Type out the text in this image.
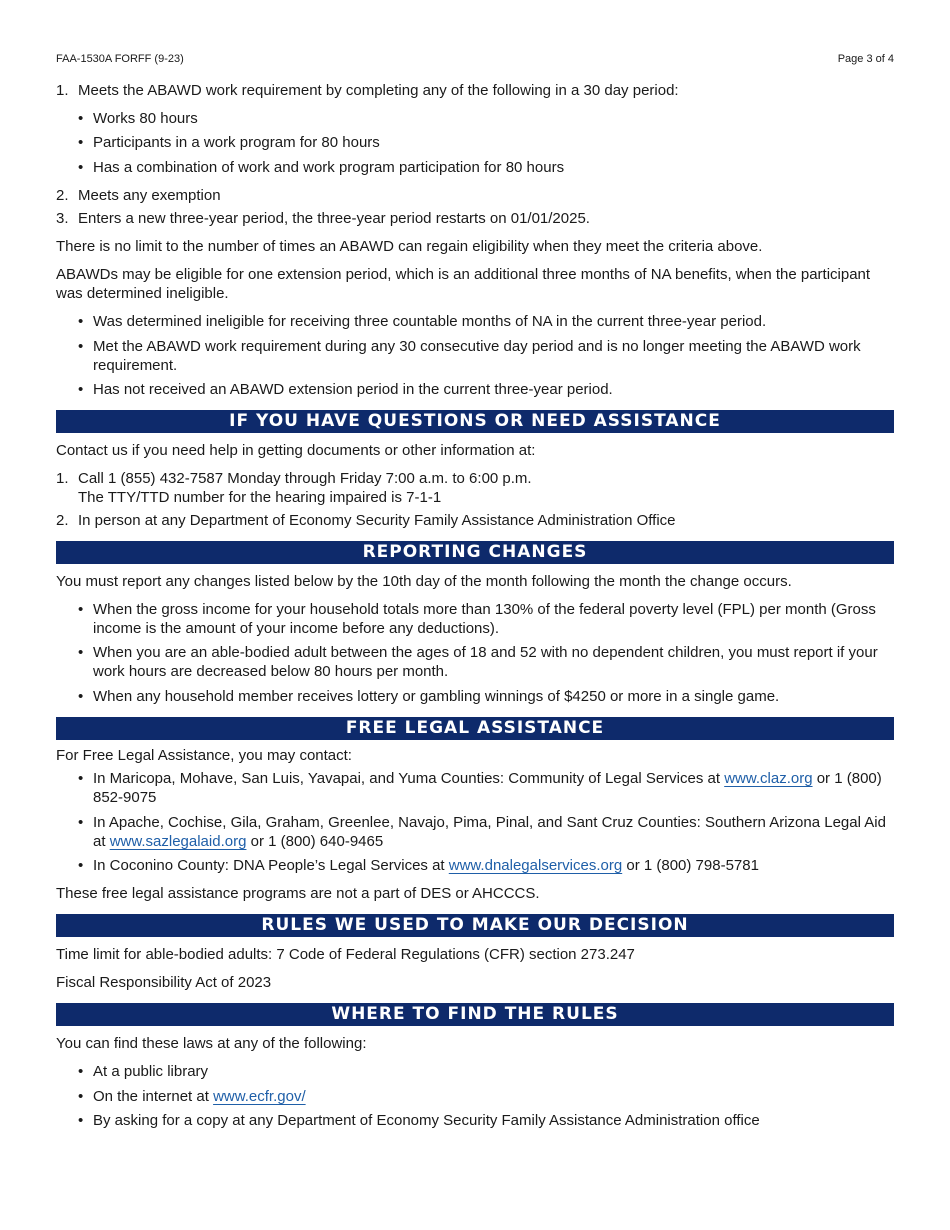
FAA-1530A FORFF (9-23)	Page 3 of 4
1. Meets the ABAWD work requirement by completing any of the following in a 30 day period:
• Works 80 hours
• Participants in a work program for 80 hours
• Has a combination of work and work program participation for 80 hours
2. Meets any exemption
3. Enters a new three-year period, the three-year period restarts on 01/01/2025.

There is no limit to the number of times an ABAWD can regain eligibility when they meet the criteria above.

ABAWDs may be eligible for one extension period, which is an additional three months of NA benefits, when the participant was determined ineligible.

• Was determined ineligible for receiving three countable months of NA in the current three-year period.
• Met the ABAWD work requirement during any 30 consecutive day period and is no longer meeting the ABAWD work requirement.
• Has not received an ABAWD extension period in the current three-year period.
IF YOU HAVE QUESTIONS OR NEED ASSISTANCE

Contact us if you need help in getting documents or other information at:

1. Call 1 (855) 432-7587 Monday through Friday 7:00 a.m. to 6:00 p.m.
The TTY/TTD number for the hearing impaired is 7-1-1
2. In person at any Department of Economy Security Family Assistance Administration Office
REPORTING CHANGES

You must report any changes listed below by the 10th day of the month following the month the change occurs.

• When the gross income for your household totals more than 130% of the federal poverty level (FPL) per month (Gross income is the amount of your income before any deductions).
• When you are an able-bodied adult between the ages of 18 and 52 with no dependent children, you must report if your work hours are decreased below 80 hours per month.
• When any household member receives lottery or gambling winnings of $4250 or more in a single game.
FREE LEGAL ASSISTANCE

For Free Legal Assistance, you may contact:

• In Maricopa, Mohave, San Luis, Yavapai, and Yuma Counties: Community of Legal Services at www.claz.org or 1 (800) 852-9075
• In Apache, Cochise, Gila, Graham, Greenlee, Navajo, Pima, Pinal, and Sant Cruz Counties: Southern Arizona Legal Aid at www.sazlegalaid.org or 1 (800) 640-9465
• In Coconino County: DNA People’s Legal Services at www.dnalegalservices.org or 1 (800) 798-5781

These free legal assistance programs are not a part of DES or AHCCCS.

RULES WE USED TO MAKE OUR DECISION

Time limit for able-bodied adults: 7 Code of Federal Regulations (CFR) section 273.247

Fiscal Responsibility Act of 2023

WHERE TO FIND THE RULES

You can find these laws at any of the following:

• At a public library
• On the internet at www.ecfr.gov/
• By asking for a copy at any Department of Economy Security Family Assistance Administration office
